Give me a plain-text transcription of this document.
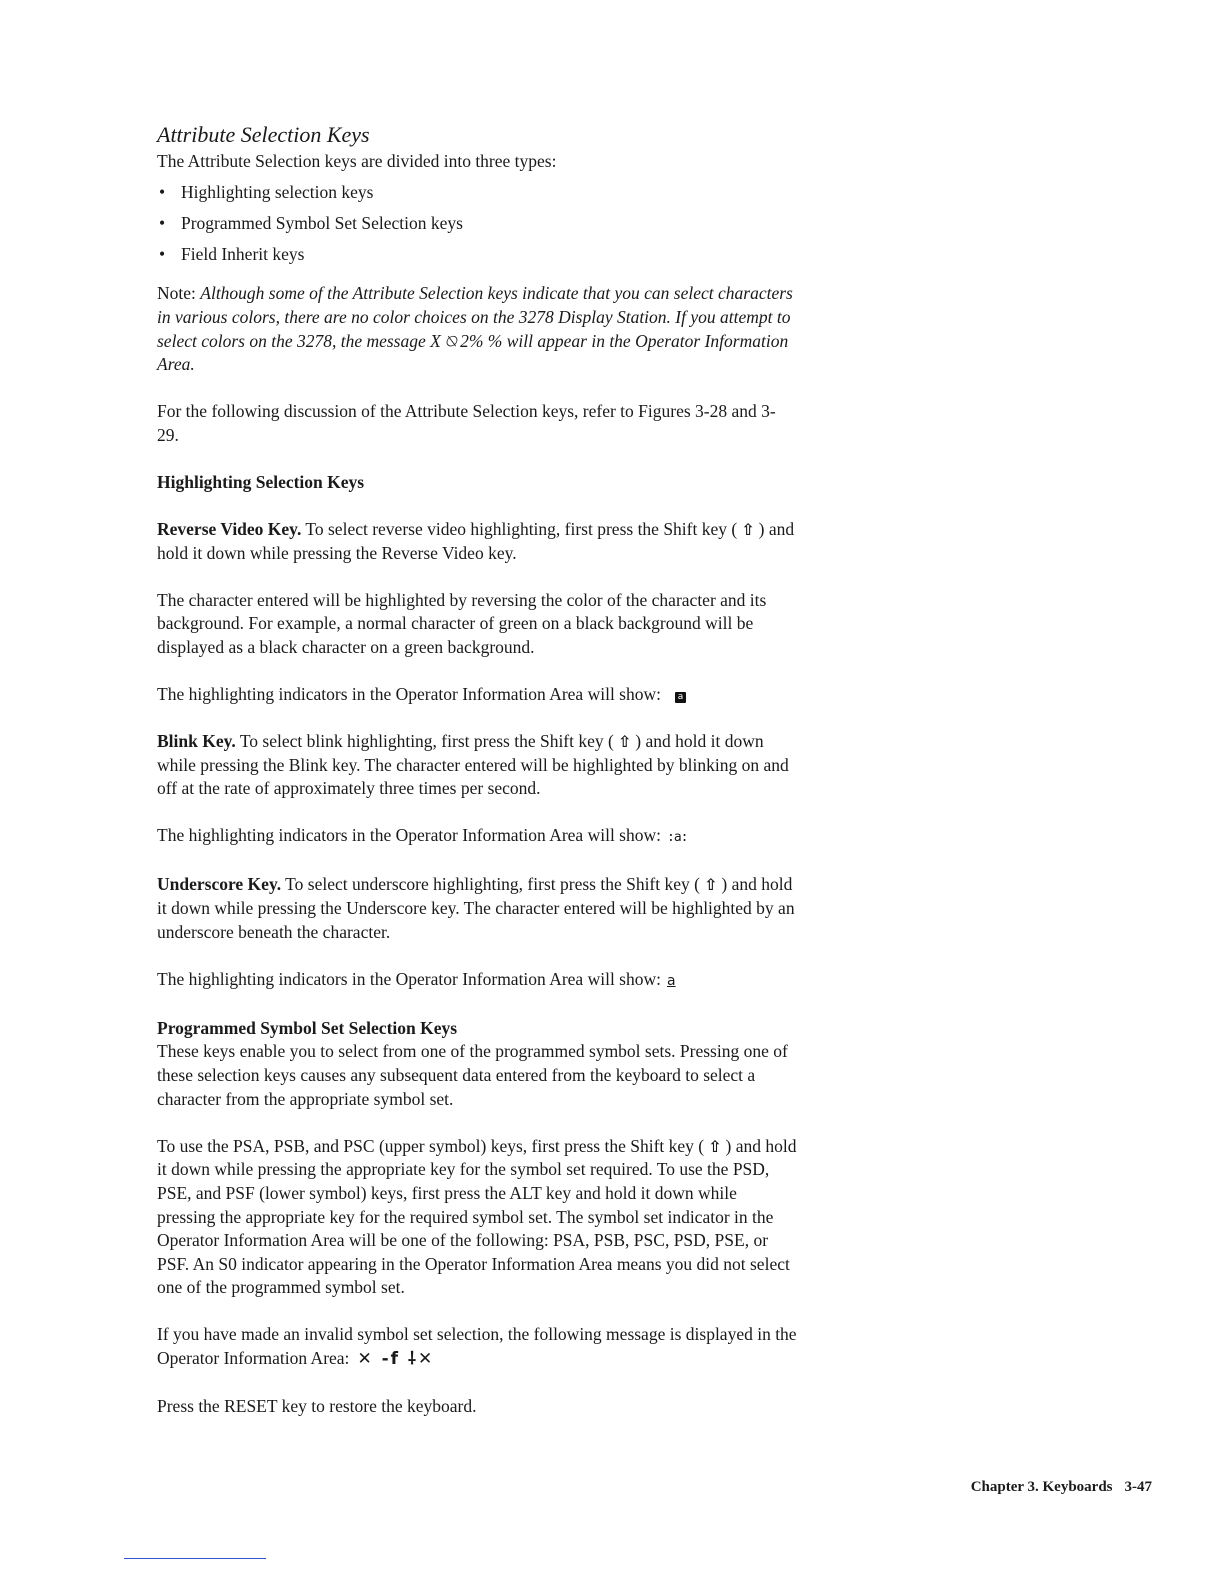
Attribute Selection Keys

The Attribute Selection keys are divided into three types:

• Highlighting selection keys
• Programmed Symbol Set Selection keys
• Field Inherit keys

Note: Although some of the Attribute Selection keys indicate that you can select characters in various colors, there are no color choices on the 3278 Display Station. If you attempt to select colors on the 3278, the message X ⍉ 2% % will appear in the Operator Information Area.

For the following discussion of the Attribute Selection keys, refer to Figures 3-28 and 3-29.

Highlighting Selection Keys

Reverse Video Key. To select reverse video highlighting, first press the Shift key ( ⇧ ) and hold it down while pressing the Reverse Video key.

The character entered will be highlighted by reversing the color of the character and its background. For example, a normal character of green on a black background will be displayed as a black character on a green background.

The highlighting indicators in the Operator Information Area will show: a

Blink Key. To select blink highlighting, first press the Shift key ( ⇧ ) and hold it down while pressing the Blink key. The character entered will be highlighted by blinking on and off at the rate of approximately three times per second.

The highlighting indicators in the Operator Information Area will show: :a:

Underscore Key. To select underscore highlighting, first press the Shift key ( ⇧ ) and hold it down while pressing the Underscore key. The character entered will be highlighted by an underscore beneath the character.

The highlighting indicators in the Operator Information Area will show: a

Programmed Symbol Set Selection Keys

These keys enable you to select from one of the programmed symbol sets. Pressing one of these selection keys causes any subsequent data entered from the keyboard to select a character from the appropriate symbol set.

To use the PSA, PSB, and PSC (upper symbol) keys, first press the Shift key ( ⇧ ) and hold it down while pressing the appropriate key for the symbol set required. To use the PSD, PSE, and PSF (lower symbol) keys, first press the ALT key and hold it down while pressing the appropriate key for the required symbol set. The symbol set indicator in the Operator Information Area will be one of the following: PSA, PSB, PSC, PSD, PSE, or PSF. An S0 indicator appearing in the Operator Information Area means you did not select one of the programmed symbol set.

If you have made an invalid symbol set selection, the following message is displayed in the Operator Information Area: ✕ -f ⸸✕

Press the RESET key to restore the keyboard.

Chapter 3. Keyboards 3-47
